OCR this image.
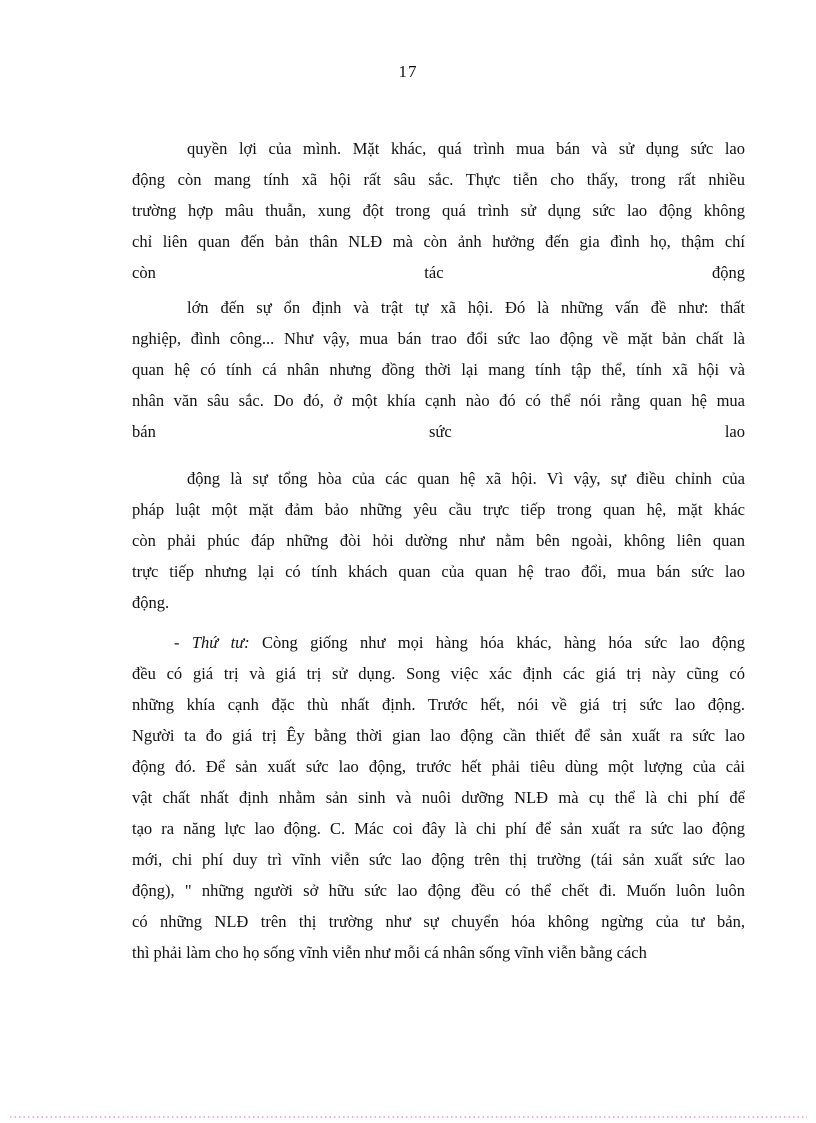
17
quyền lợi của mình. Mặt khác, quá trình mua bán và sử dụng sức lao
động còn mang tính xã hội rất sâu sắc. Thực tiễn cho thấy, trong rất nhiều
trường hợp mâu thuẫn, xung đột trong quá trình sử dụng sức lao động không
chỉ liên quan đến bản thân NLĐ mà còn ảnh hưởng đến gia đình họ, thậm chí
còn tác động
lớn đến sự ổn định và trật tự xã hội. Đó là những vấn đề như: thất
nghiệp, đình công... Như vậy, mua bán trao đổi sức lao động về mặt bản chất là
quan hệ có tính cá nhân nhưng đồng thời lại mang tính tập thể, tính xã hội và
nhân văn sâu sắc. Do đó, ở một khía cạnh nào đó có thể nói rằng quan hệ mua
bán sức lao
động là sự tổng hòa của các quan hệ xã hội. Vì vậy, sự điều chỉnh của
pháp luật một mặt đảm bảo những yêu cầu trực tiếp trong quan hệ, mặt khác
còn phải phúc đáp những đòi hỏi dường như nằm bên ngoài, không liên quan
trực tiếp nhưng lại có tính khách quan của quan hệ trao đổi, mua bán sức lao
động.
- Thứ tư: Còng giống như mọi hàng hóa khác, hàng hóa sức lao động
đều có giá trị và giá trị sử dụng. Song việc xác định các giá trị này cũng có
những khía cạnh đặc thù nhất định. Trước hết, nói về giá trị sức lao động.
Người ta đo giá trị Êy bằng thời gian lao động cần thiết để sản xuất ra sức lao
động đó. Để sản xuất sức lao động, trước hết phải tiêu dùng một lượng của cải
vật chất nhất định nhằm sản sinh và nuôi dưỡng NLĐ mà cụ thể là chi phí để
tạo ra năng lực lao động. C. Mác coi đây là chi phí để sản xuất ra sức lao động
mới, chi phí duy trì vĩnh viễn sức lao động trên thị trường (tái sản xuất sức lao
động), " những người sở hữu sức lao động đều có thể chết đi. Muốn luôn luôn
có những NLĐ trên thị trường như sự chuyển hóa không ngừng của tư bản,
thì phải làm cho họ sống vĩnh viễn như mỗi cá nhân sống vĩnh viễn bằng cách
